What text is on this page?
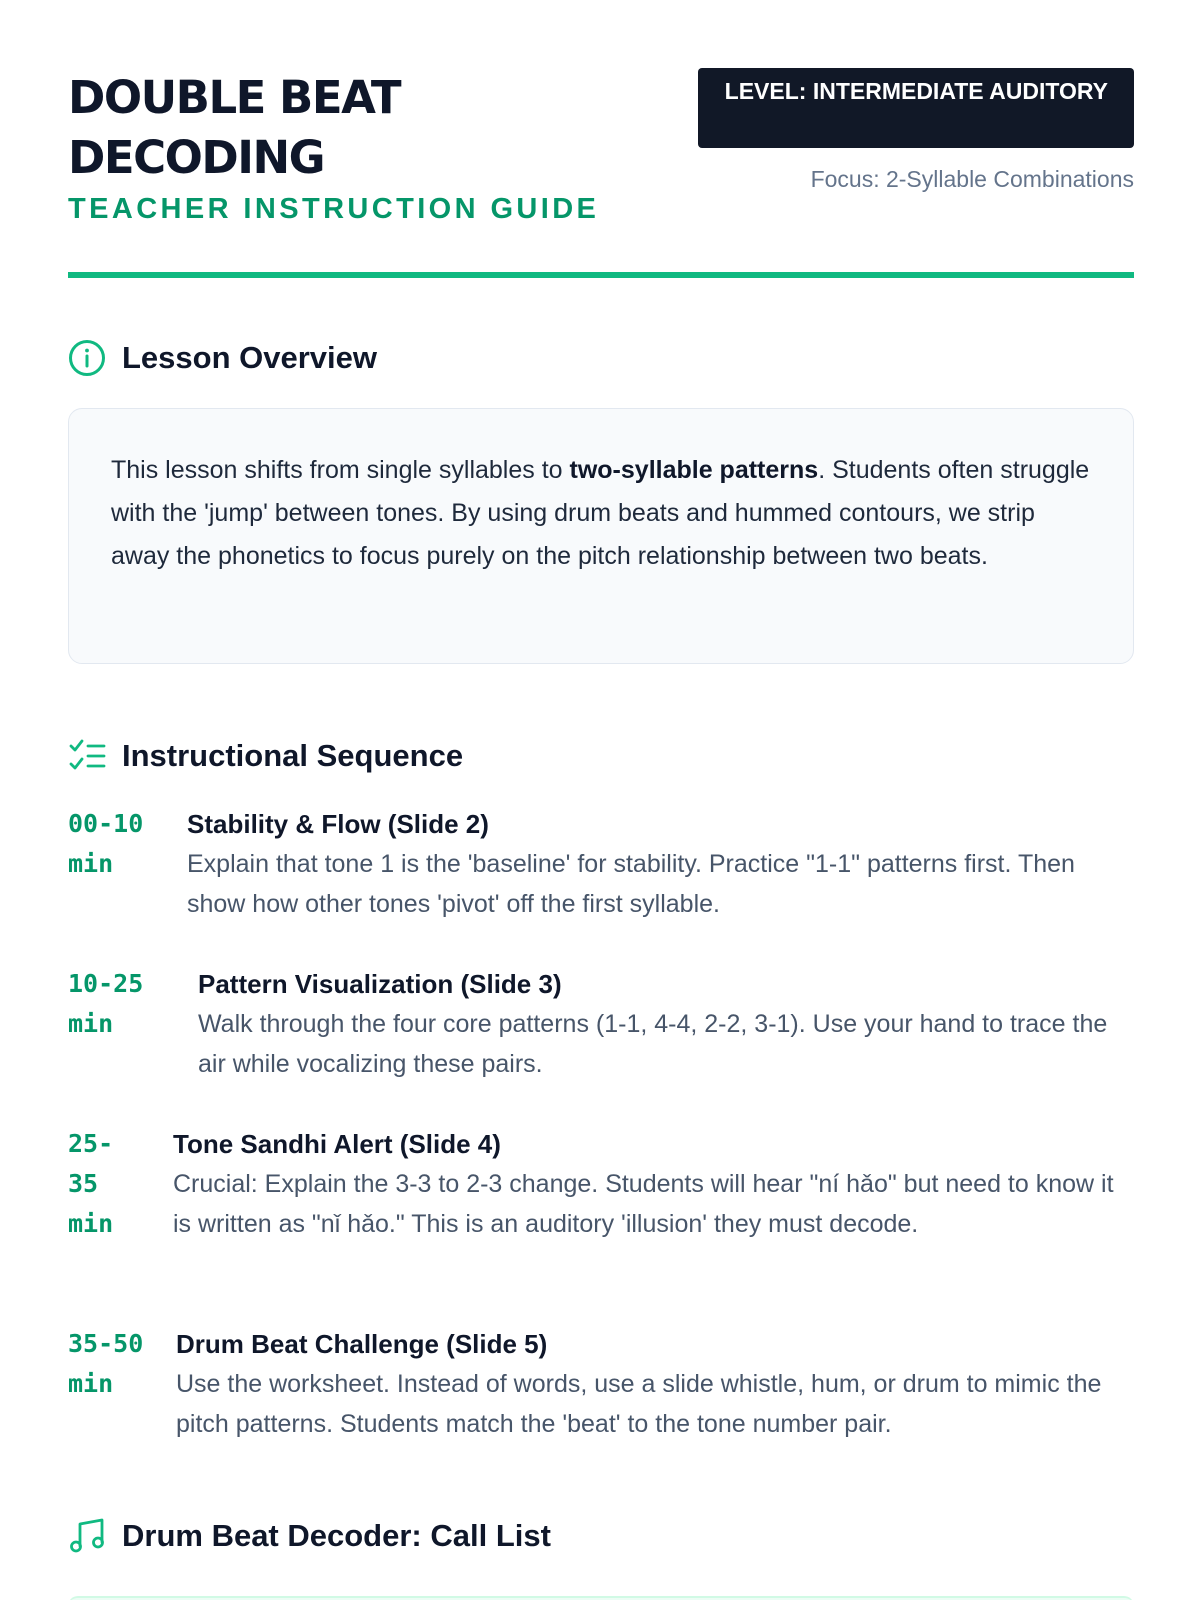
DOUBLE BEAT DECODING

TEACHER INSTRUCTION GUIDE

LEVEL: INTERMEDIATE AUDITORY
Focus: 2-Syllable Combinations
Lesson Overview

This lesson shifts from single syllables to two-syllable patterns. Students often struggle with the 'jump' between tones. By using drum beats and hummed contours, we strip away the phonetics to focus purely on the pitch relationship between two beats.

Instructional Sequence
00-10 min

Stability & Flow (Slide 2)

Explain that tone 1 is the 'baseline' for stability. Practice "1-1" patterns first. Then show how other tones 'pivot' off the first syllable.

10-25 min

Pattern Visualization (Slide 3)

Walk through the four core patterns (1-1, 4-4, 2-2, 3-1). Use your hand to trace the air while vocalizing these pairs.

25-35 min

Tone Sandhi Alert (Slide 4)

Crucial: Explain the 3-3 to 2-3 change. Students will hear "ní hǎo" but need to know it is written as "nǐ hǎo." This is an auditory 'illusion' they must decode.

35-50 min

Drum Beat Challenge (Slide 5)

Use the worksheet. Instead of words, use a slide whistle, hum, or drum to mimic the pitch patterns. Students match the 'beat' to the tone number pair.

Drum Beat Decoder: Call List
